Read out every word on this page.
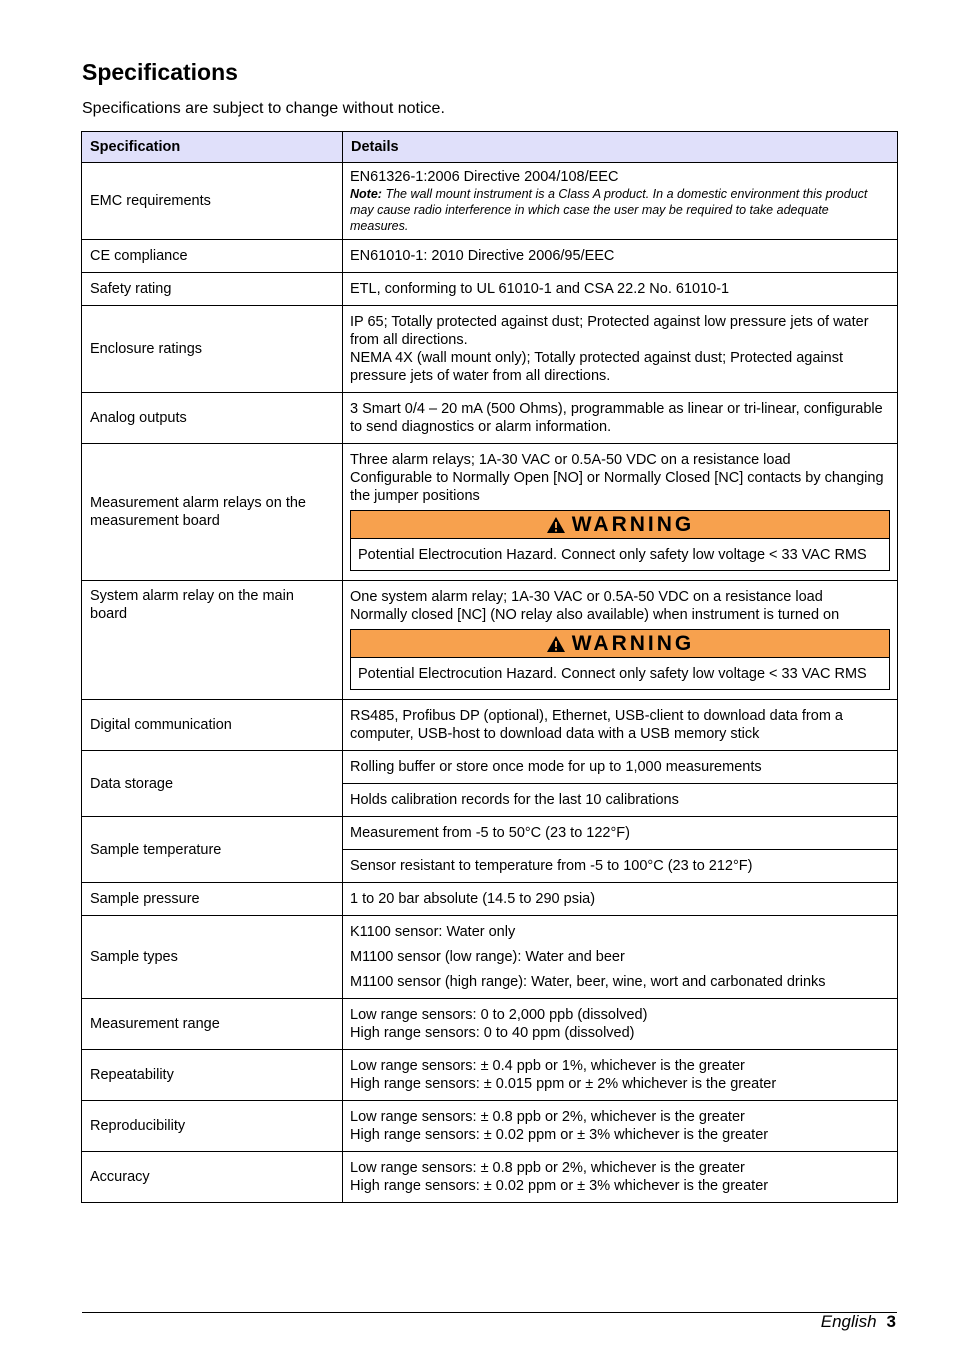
Specifications

Specifications are subject to change without notice.

Specification	Details
EMC requirements	EN61326-1:2006 Directive 2004/108/EEC
Note: The wall mount instrument is a Class A product. In a domestic environment this product may cause radio interference in which case the user may be required to take adequate measures.

CE compliance	EN61010-1: 2010 Directive 2006/95/EEC
Safety rating	ETL, conforming to UL 61010-1 and CSA 22.2 No. 61010-1
Enclosure ratings	IP 65; Totally protected against dust; Protected against low pressure jets of water from all directions.
NEMA 4X (wall mount only); Totally protected against dust; Protected against pressure jets of water from all directions.

Analog outputs	3 Smart 0/4 – 20 mA (500 Ohms), programmable as linear or tri-linear, configurable to send diagnostics or alarm information.
Measurement alarm relays on the measurement board	Three alarm relays; 1A-30 VAC or 0.5A-50 VDC on a resistance load
Configurable to Normally Open [NO] or Normally Closed [NC] contacts by changing the jumper positions
WARNING
Potential Electrocution Hazard. Connect only safety low voltage < 33 VAC RMS

System alarm relay on the main board	One system alarm relay; 1A-30 VAC or 0.5A-50 VDC on a resistance load
Normally closed [NC] (NO relay also available) when instrument is turned on
WARNING
Potential Electrocution Hazard. Connect only safety low voltage < 33 VAC RMS

Digital communication	RS485, Profibus DP (optional), Ethernet, USB-client to download data from a computer, USB-host to download data with a USB memory stick
Data storage	Rolling buffer or store once mode for up to 1,000 measurements
	Holds calibration records for the last 10 calibrations
Sample temperature	Measurement from -5 to 50°C (23 to 122°F)
	Sensor resistant to temperature from -5 to 100°C (23 to 212°F)
Sample pressure	1 to 20 bar absolute (14.5 to 290 psia)
Sample types	K1100 sensor: Water only
M1100 sensor (low range): Water and beer
M1100 sensor (high range): Water, beer, wine, wort and carbonated drinks

Measurement range	Low range sensors: 0 to 2,000 ppb (dissolved)
High range sensors: 0 to 40 ppm (dissolved)

Repeatability	Low range sensors: ± 0.4 ppb or 1%, whichever is the greater
High range sensors: ± 0.015 ppm or ± 2% whichever is the greater

Reproducibility	Low range sensors: ± 0.8 ppb or 2%, whichever is the greater
High range sensors: ± 0.02 ppm or ± 3% whichever is the greater

Accuracy	Low range sensors: ± 0.8 ppb or 2%, whichever is the greater
High range sensors: ± 0.02 ppm or ± 3% whichever is the greater
English 3
